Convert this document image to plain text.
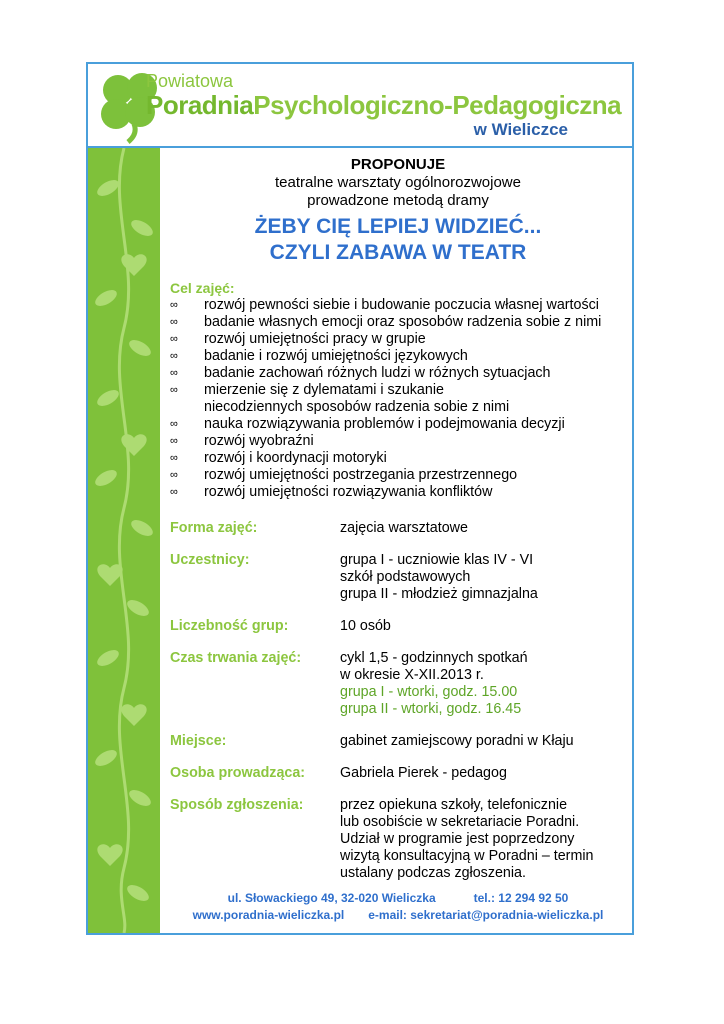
Powiatowa
PoradniaPsychologiczno-Pedagogiczna
w Wieliczce
PROPONUJE
teatralne warsztaty ogólnorozwojowe
prowadzone metodą dramy
ŻEBY CIĘ LEPIEJ WIDZIEĆ...
CZYLI ZABAWA W TEATR
Cel zajęć:
∞ rozwój pewności siebie i budowanie poczucia własnej wartości
∞ badanie własnych emocji oraz sposobów radzenia sobie z nimi
∞ rozwój umiejętności pracy w grupie
∞ badanie i rozwój umiejętności językowych
∞ badanie zachowań różnych ludzi w różnych sytuacjach
∞ mierzenie się z dylematami i szukanie niecodziennych sposobów radzenia sobie z nimi
∞ nauka rozwiązywania problemów i podejmowania decyzji
∞ rozwój wyobraźni
∞ rozwój i koordynacji motoryki
∞ rozwój umiejętności postrzegania przestrzennego
∞ rozwój umiejętności rozwiązywania konfliktów
Forma zajęć:	zajęcia warsztatowe
Uczestnicy:	grupa I - uczniowie klas IV - VI
szkół podstawowych
grupa II - młodzież gimnazjalna
Liczebność grup:	10 osób
Czas trwania zajęć:	cykl 1,5 - godzinnych spotkań
w okresie X-XII.2013 r.
grupa I - wtorki, godz. 15.00
grupa II - wtorki, godz. 16.45
Miejsce:	gabinet zamiejscowy poradni w Kłaju
Osoba prowadząca:	Gabriela Pierek - pedagog
Sposób zgłoszenia:	przez opiekuna szkoły, telefonicznie
lub osobiście w sekretariacie Poradni.
Udział w programie jest poprzedzony
wizytą konsultacyjną w Poradni – termin
ustalany podczas zgłoszenia.
ul. Słowackiego 49, 32-020 Wieliczka	tel.: 12 294 92 50
www.poradnia-wieliczka.pl e-mail: sekretariat@poradnia-wieliczka.pl
